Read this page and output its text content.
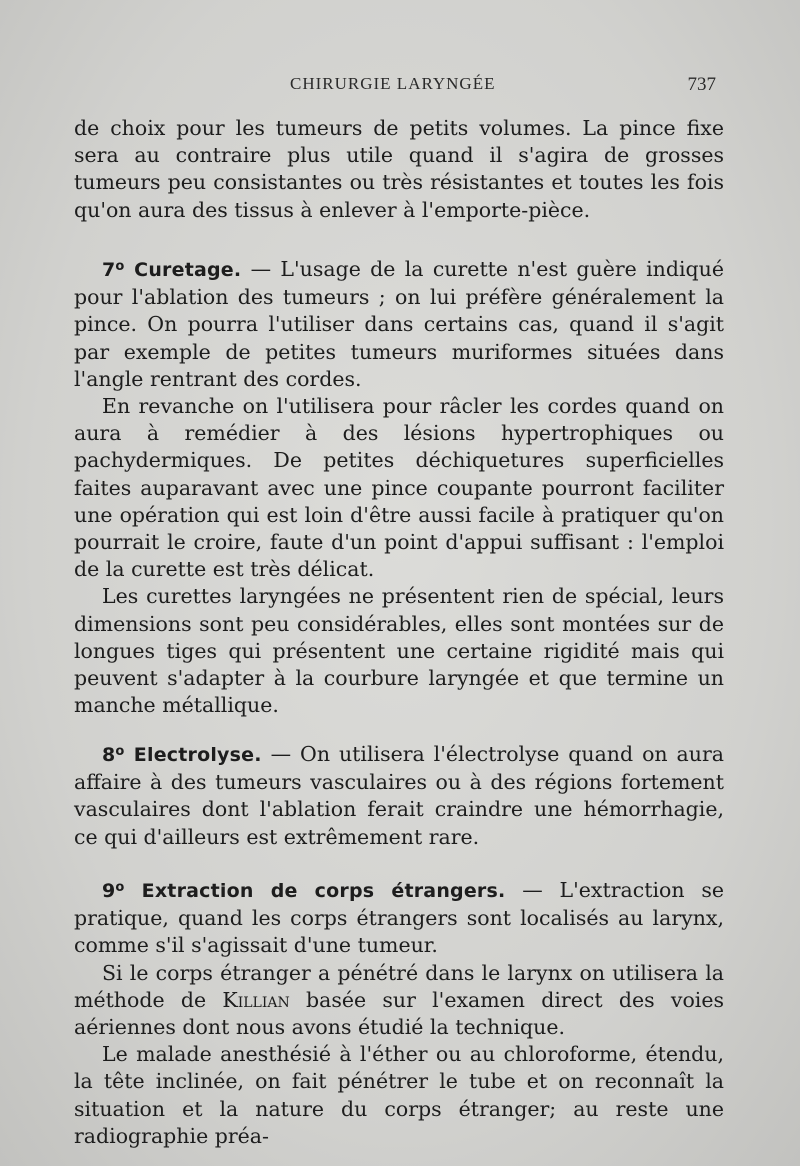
CHIRURGIE LARYNGÉE	737

de choix pour les tumeurs de petits volumes. La pince fixe sera au contraire plus utile quand il s'agira de grosses tumeurs peu consistantes ou très résistantes et toutes les fois qu'on aura des tissus à enlever à l'emporte-pièce.

7$^o$ Curetage. — L'usage de la curette n'est guère indiqué pour l'ablation des tumeurs ; on lui préfère généralement la pince. On pourra l'utiliser dans certains cas, quand il s'agit par exemple de petites tumeurs muriformes situées dans l'angle rentrant des cordes.

En revanche on l'utilisera pour râcler les cordes quand on aura à remédier à des lésions hypertrophiques ou pachydermiques. De petites déchiquetures superficielles faites auparavant avec une pince coupante pourront faciliter une opération qui est loin d'être aussi facile à pratiquer qu'on pourrait le croire, faute d'un point d'appui suffisant : l'emploi de la curette est très délicat.

Les curettes laryngées ne présentent rien de spécial, leurs dimensions sont peu considérables, elles sont montées sur de longues tiges qui présentent une certaine rigidité mais qui peuvent s'adapter à la courbure laryngée et que termine un manche métallique.

8$^o$ Electrolyse. — On utilisera l'électrolyse quand on aura affaire à des tumeurs vasculaires ou à des régions fortement vasculaires dont l'ablation ferait craindre une hémorrhagie, ce qui d'ailleurs est extrêmement rare.

9$^o$ Extraction de corps étrangers. — L'extraction se pratique, quand les corps étrangers sont localisés au larynx, comme s'il s'agissait d'une tumeur.

Si le corps étranger a pénétré dans le larynx on utilisera la méthode de Killian basée sur l'examen direct des voies aériennes dont nous avons étudié la technique.

Le malade anesthésié à l'éther ou au chloroforme, étendu, la tête inclinée, on fait pénétrer le tube et on reconnaît la situation et la nature du corps étranger; au reste une radiographie préa-
